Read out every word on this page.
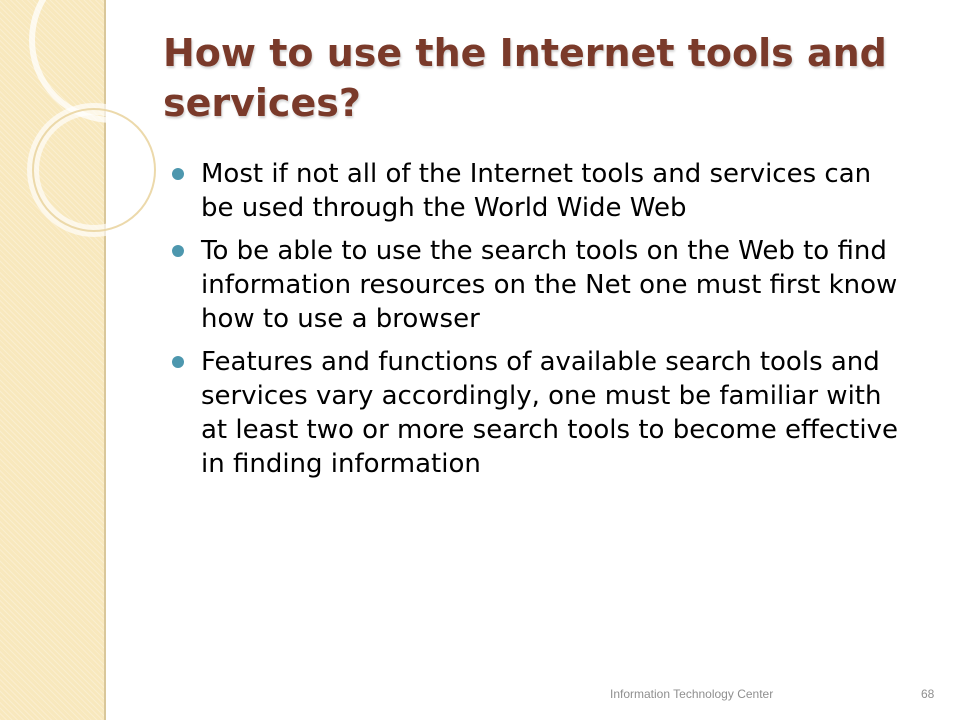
How to use the Internet tools and services?
Most if not all of the Internet tools and services can be used through the World Wide Web
To be able to use the search tools on the Web to find information resources on the Net one must first know how to use a browser
Features and functions of available search tools and services vary accordingly, one must be familiar with at least two or more search tools to become effective in finding information
Information Technology Center	68
